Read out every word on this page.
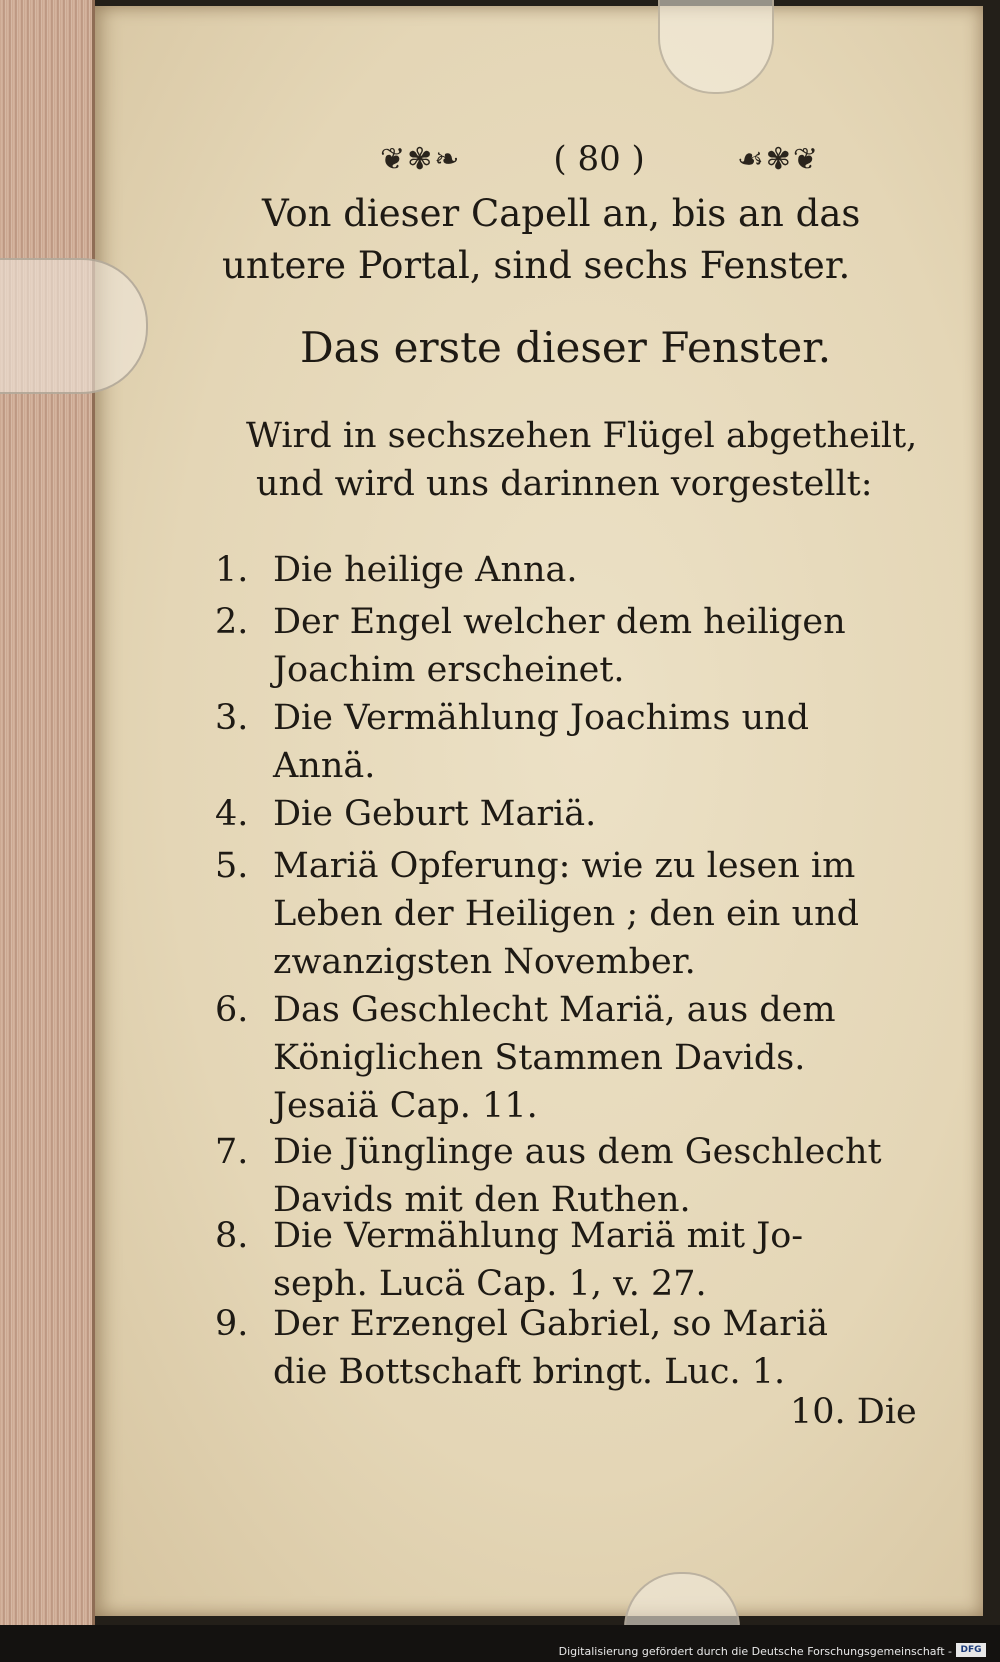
❦✾❧	( 80 )	☙✾❦
Von dieser Capell an, bis an das
untere Portal, sind sechs Fenster.
Das erste dieser Fenster.
Wird in sechszehen Flügel abgetheilt,
und wird uns darinnen vorgestellt:
1. Die heilige Anna.
2. Der Engel welcher dem heiligen
Joachim erscheinet.
3. Die Vermählung Joachims und
Annä.
4. Die Geburt Mariä.
5. Mariä Opferung: wie zu lesen im
Leben der Heiligen ; den ein und
zwanzigsten November.
6. Das Geschlecht Mariä, aus dem
Königlichen Stammen Davids.
Jesaiä Cap. 11.
7. Die Jünglinge aus dem Geschlecht
Davids mit den Ruthen.
8. Die Vermählung Mariä mit Jo-
seph. Lucä Cap. 1, v. 27.
9. Der Erzengel Gabriel, so Mariä
die Bottschaft bringt. Luc. 1.
10. Die
Digitalisierung gefördert durch die Deutsche Forschungsgemeinschaft - DFG
